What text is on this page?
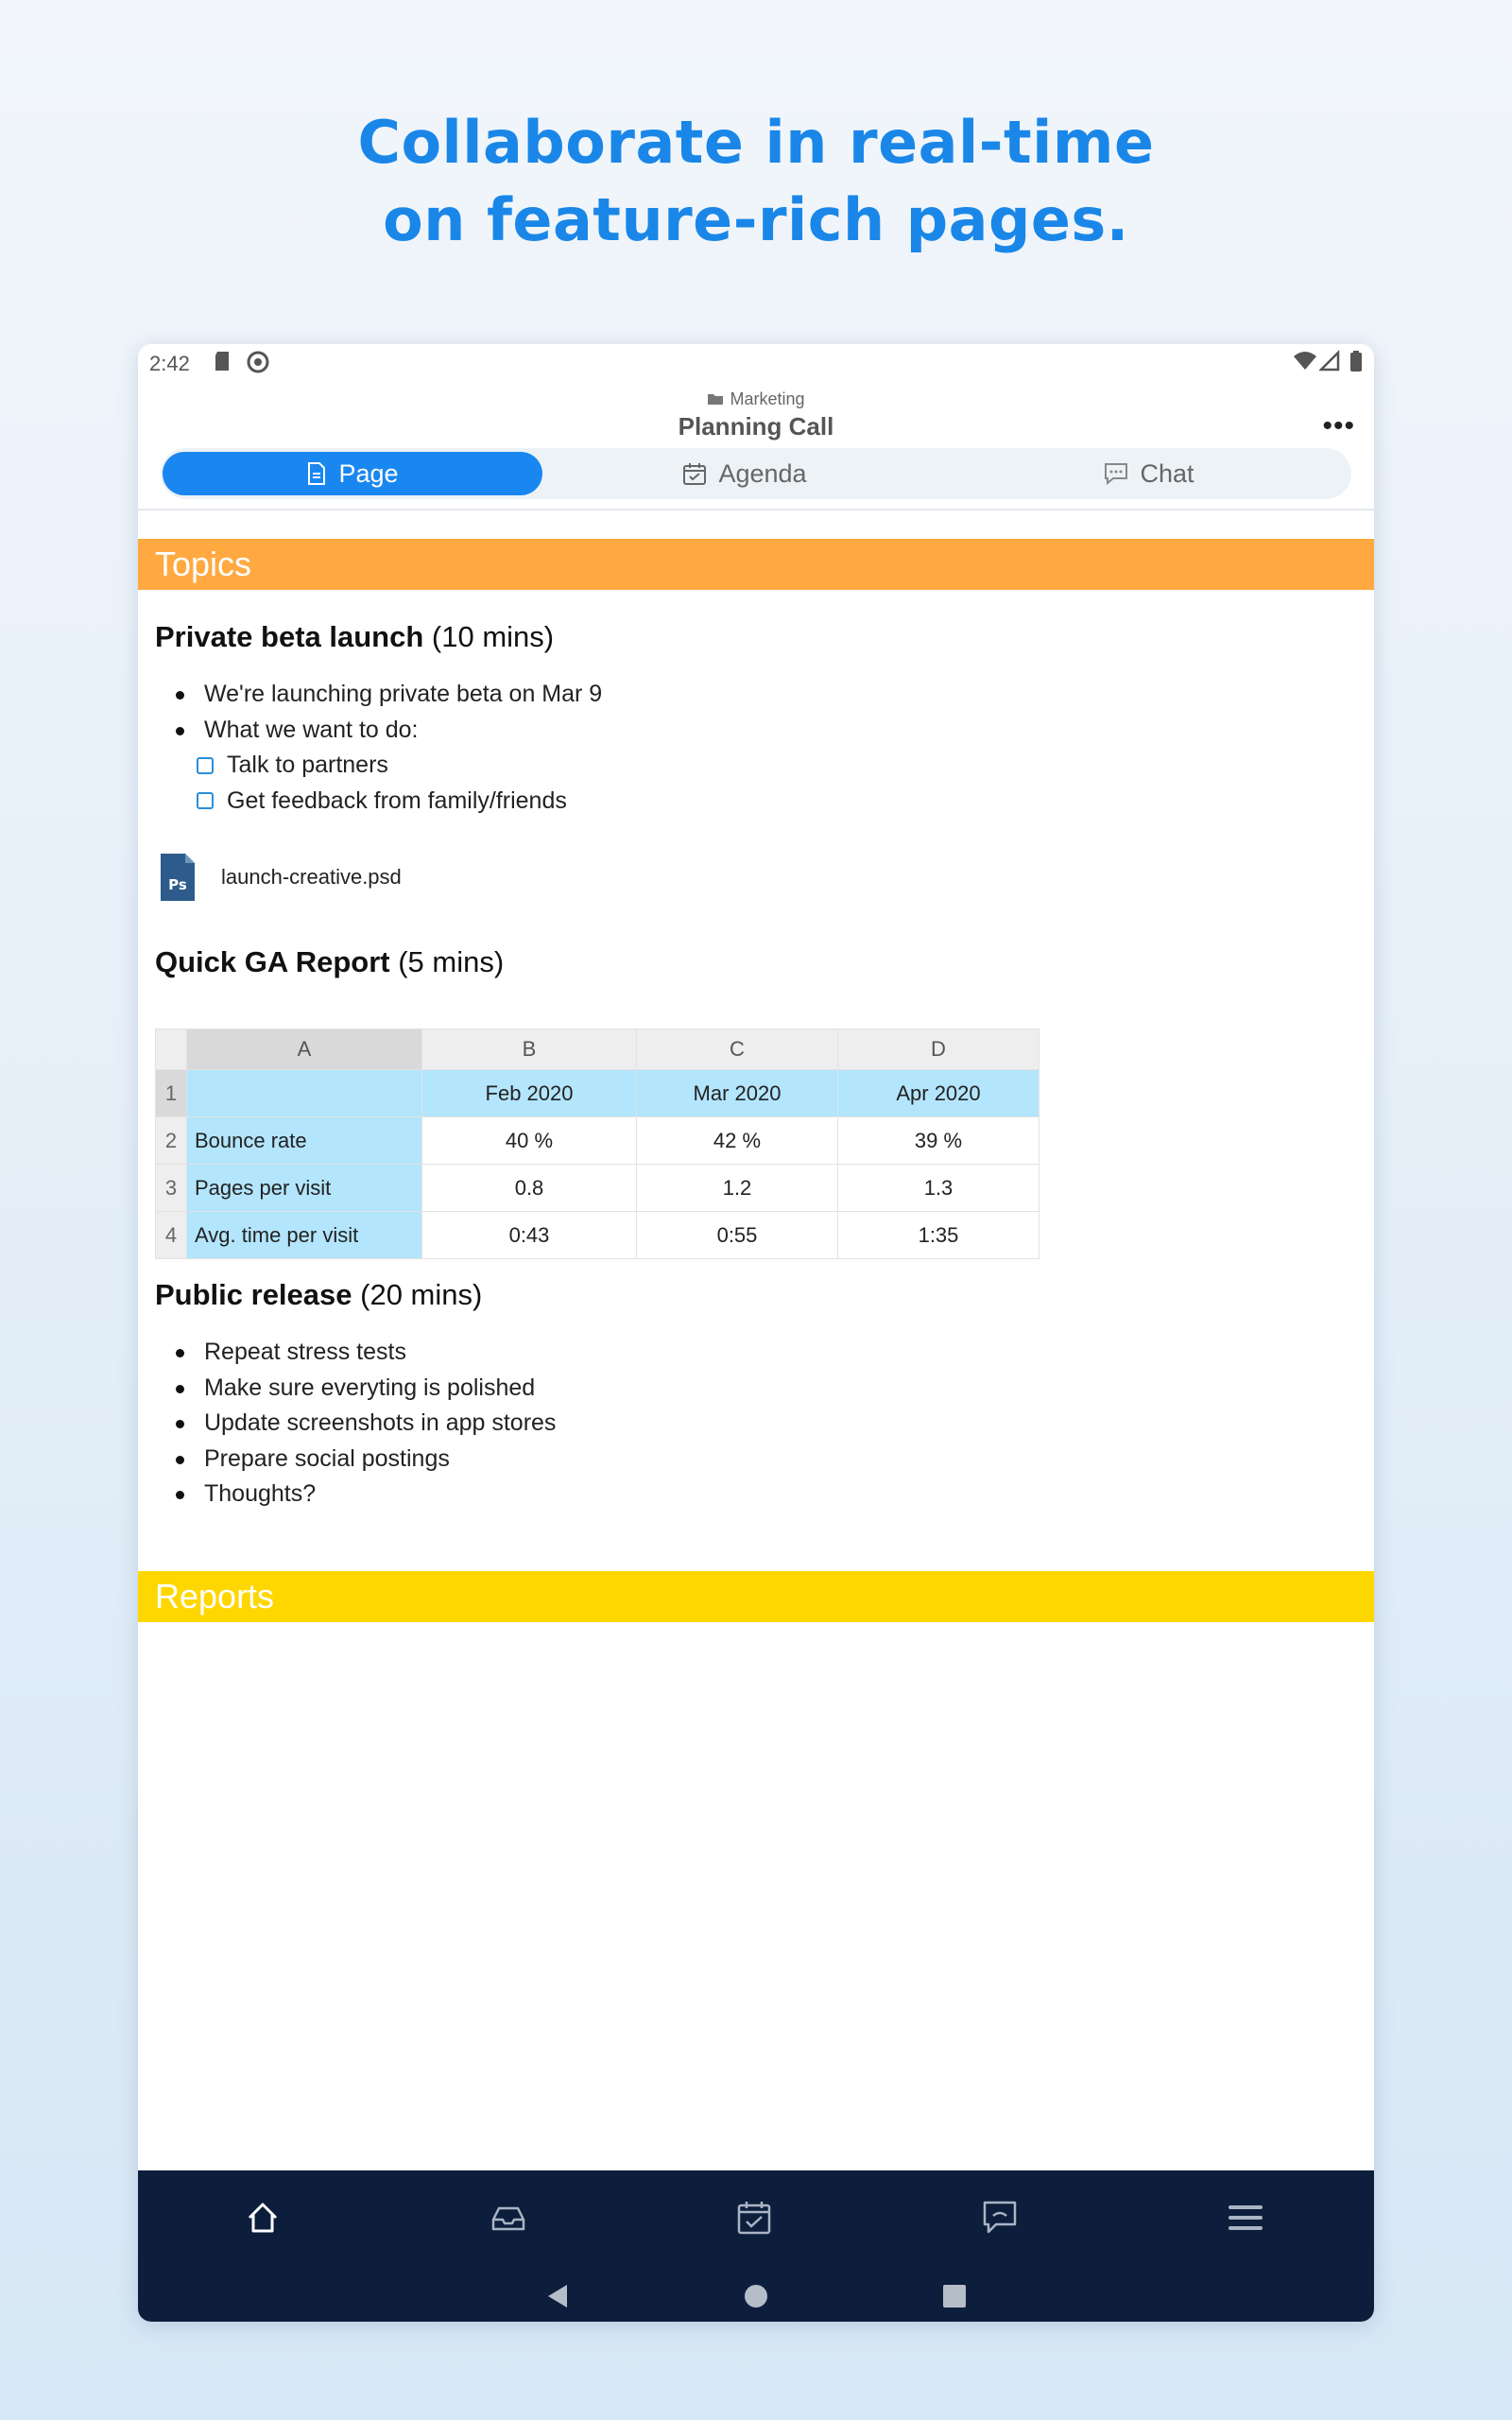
Collaborate in real-time
on feature-rich pages.
2:42
Marketing
Planning Call	•••
Page	Agenda	Chat
Topics
Private beta launch (10 mins)
We're launching private beta on Mar 9
What we want to do:
Talk to partners
Get feedback from family/friends
Ps launch-creative.psd
Quick GA Report (5 mins)
	A	B	C	D
1		Feb 2020	Mar 2020	Apr 2020
2	Bounce rate	40 %	42 %	39 %
3	Pages per visit	0.8	1.2	1.3
4	Avg. time per visit	0:43	0:55	1:35
Public release (20 mins)
Repeat stress tests
Make sure everyting is polished
Update screenshots in app stores
Prepare social postings
Thoughts?
Reports
